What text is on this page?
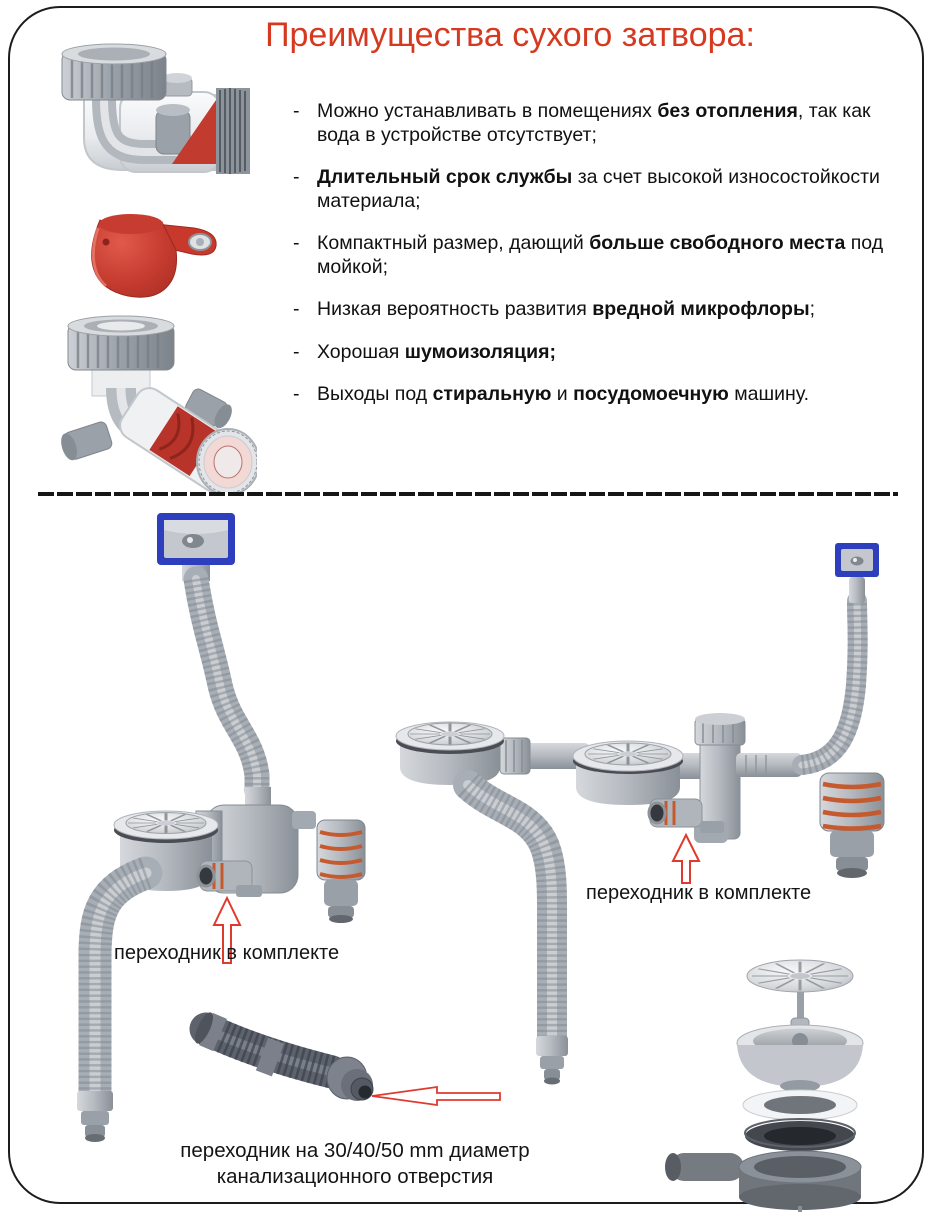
Преимущества сухого затвора:
- Можно устанавливать в помещениях без отопления, так как вода в устройстве отсутствует;
- Длительный срок службы за счет высокой износостойкости материала;
- Компактный размер, дающий больше свободного места под мойкой;
- Низкая вероятность развития вредной микрофлоры;
- Хорошая шумоизоляция;
- Выходы под стиральную и посудомоечную машину.
переходник в комплекте
переходник в комплекте
переходник на 30/40/50 mm диаметр
канализационного отверстия
